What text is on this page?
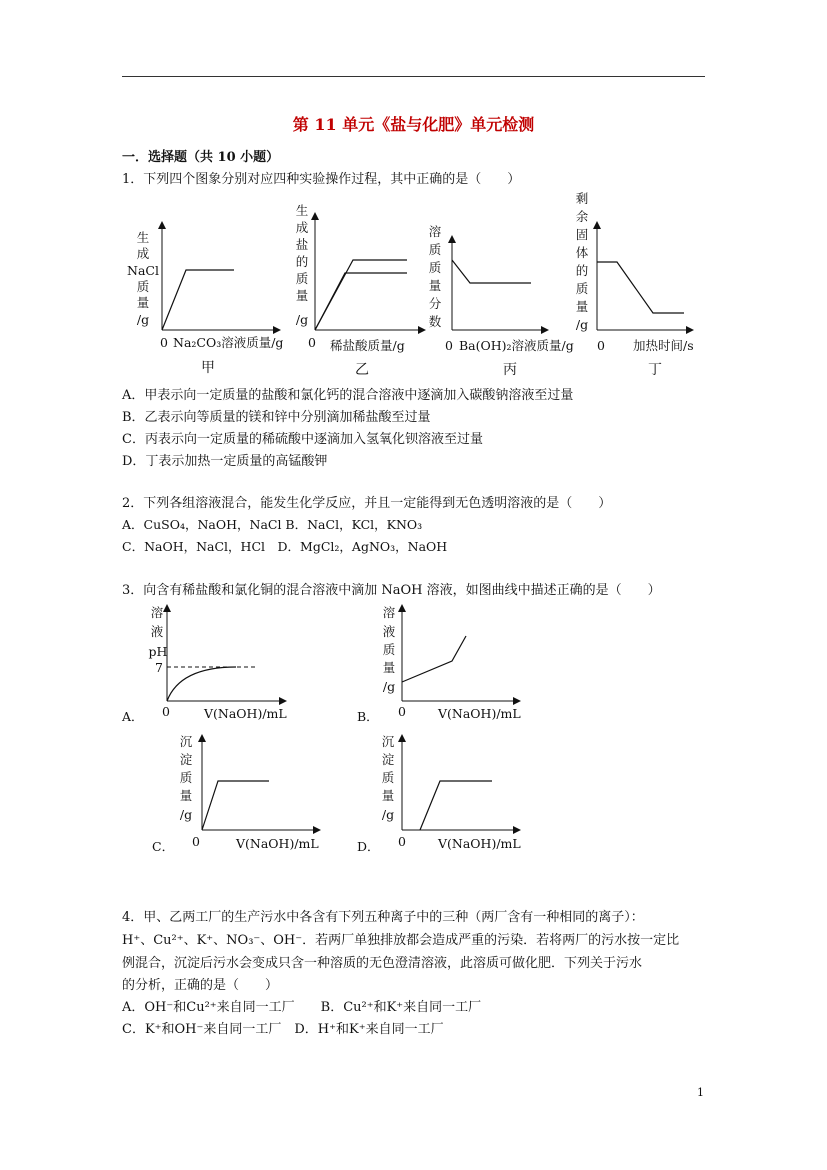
第 11 单元《盐与化肥》单元检测
一．选择题（共 10 小题）
1．下列四个图象分别对应四种实验操作过程，其中正确的是（　　）
生
成
NaCl
质
量
/g
0 Na₂CO₃溶液质量/g
甲
生
成
盐
的
质
量
/g
0 稀盐酸质量/g
乙
溶
质
质
量
分
数
0 Ba(OH)₂溶液质量/g
丙
剩
余
固
体
的
质
量
/g
0 加热时间/s
丁
A．甲表示向一定质量的盐酸和氯化钙的混合溶液中逐滴加入碳酸钠溶液至过量
B．乙表示向等质量的镁和锌中分别滴加稀盐酸至过量
C．丙表示向一定质量的稀硫酸中逐滴加入氢氧化钡溶液至过量
D．丁表示加热一定质量的高锰酸钾
2．下列各组溶液混合，能发生化学反应，并且一定能得到无色透明溶液的是（　　）
A．CuSO₄，NaOH，NaCl B．NaCl，KCl，KNO₃
C．NaOH，NaCl，HCl　D．MgCl₂，AgNO₃，NaOH
3．向含有稀盐酸和氯化铜的混合溶液中滴加 NaOH 溶液，如图曲线中描述正确的是（　　）
A．
溶
液
pH
7
0	V(NaOH)/mL	B．
溶
液
质
量
/g
0	V(NaOH)/mL
C．
沉
淀
质
量
/g
0	V(NaOH)/mL	D．
沉
淀
质
量
/g
0	V(NaOH)/mL
4．甲、乙两工厂的生产污水中各含有下列五种离子中的三种（两厂含有一种相同的离子）：
H⁺、Cu²⁺、K⁺、NO₃⁻、OH⁻．若两厂单独排放都会造成严重的污染．若将两厂的污水按一定比
例混合，沉淀后污水会变成只含一种溶质的无色澄清溶液，此溶质可做化肥．下列关于污水
的分析，正确的是（　　）
A．OH⁻和Cu²⁺来自同一工厂　　B．Cu²⁺和K⁺来自同一工厂
C．K⁺和OH⁻来自同一工厂　D．H⁺和K⁺来自同一工厂
1
